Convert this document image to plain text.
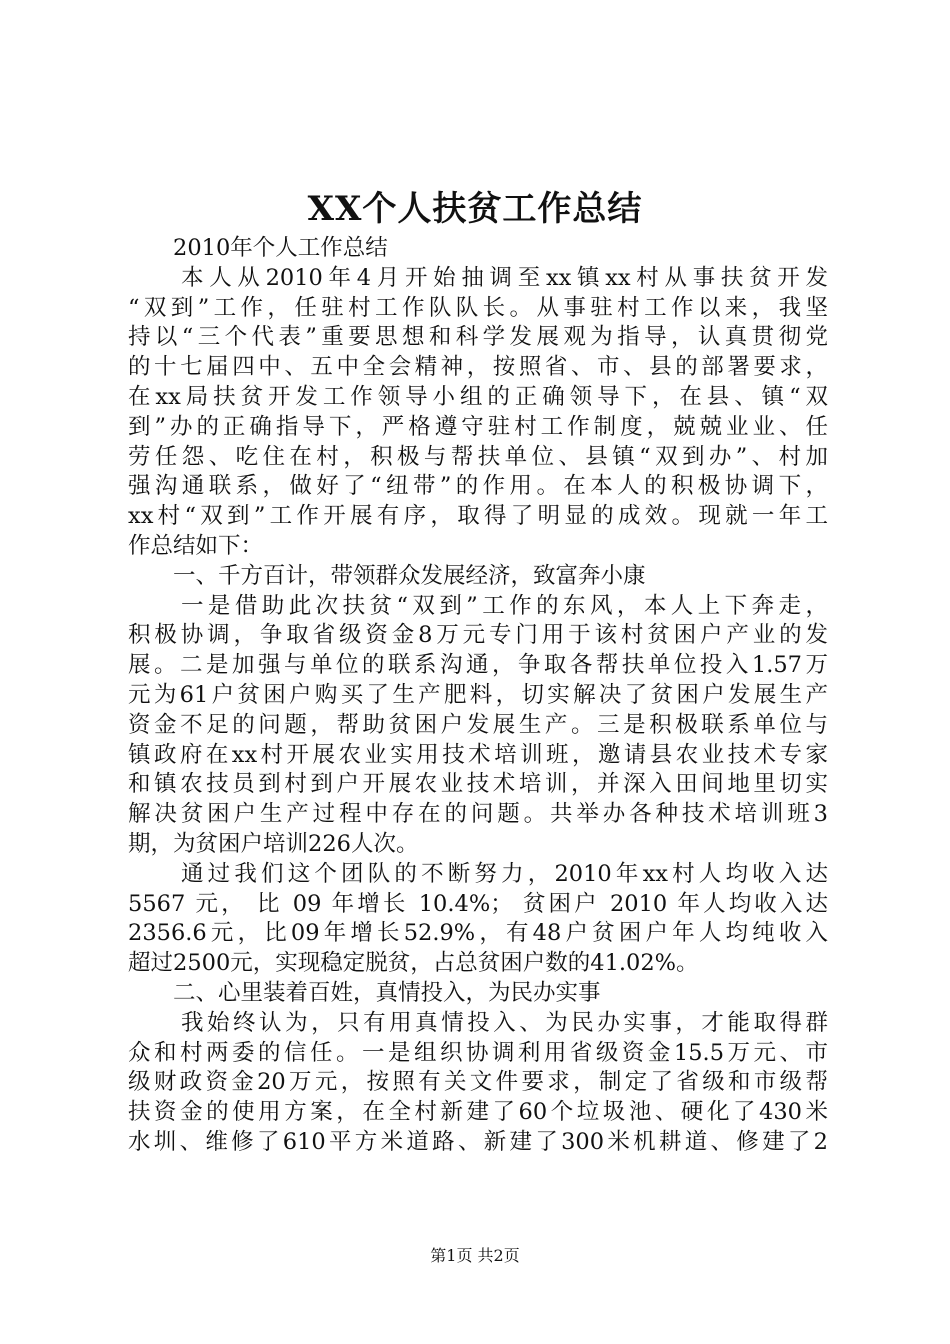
XX个人扶贫工作总结
2010年个人工作总结
本人从2010年4月开始抽调至xx镇xx村从事扶贫开发
“双到”工作，任驻村工作队队长。从事驻村工作以来，我坚
持以“三个代表”重要思想和科学发展观为指导，认真贯彻党
的十七届四中、五中全会精神，按照省、市、县的部署要求，
在xx局扶贫开发工作领导小组的正确领导下，在县、镇“双
到”办的正确指导下，严格遵守驻村工作制度，兢兢业业、任
劳任怨、吃住在村，积极与帮扶单位、县镇“双到办”、村加
强沟通联系，做好了“纽带”的作用。在本人的积极协调下，
xx村“双到”工作开展有序，取得了明显的成效。现就一年工
作总结如下：
一、千方百计，带领群众发展经济，致富奔小康
一是借助此次扶贫“双到”工作的东风，本人上下奔走，
积极协调，争取省级资金8万元专门用于该村贫困户产业的发
展。二是加强与单位的联系沟通，争取各帮扶单位投入1.57万
元为61户贫困户购买了生产肥料，切实解决了贫困户发展生产
资金不足的问题，帮助贫困户发展生产。三是积极联系单位与
镇政府在xx村开展农业实用技术培训班，邀请县农业技术专家
和镇农技员到村到户开展农业技术培训，并深入田间地里切实
解决贫困户生产过程中存在的问题。共举办各种技术培训班3
期，为贫困户培训226人次。
通过我们这个团队的不断努力，2010年xx村人均收入达
5567 元， 比 09 年增长 10.4%； 贫困户 2010 年人均收入达
2356.6元，比09年增长52.9%，有48户贫困户年人均纯收入
超过2500元，实现稳定脱贫，占总贫困户数的41.02%。
二、心里装着百姓，真情投入，为民办实事
我始终认为，只有用真情投入、为民办实事，才能取得群
众和村两委的信任。一是组织协调利用省级资金15.5万元、市
级财政资金20万元，按照有关文件要求，制定了省级和市级帮
扶资金的使用方案，在全村新建了60个垃圾池、硬化了430米
水圳、维修了610平方米道路、新建了300米机耕道、修建了2
第1页 共2页
